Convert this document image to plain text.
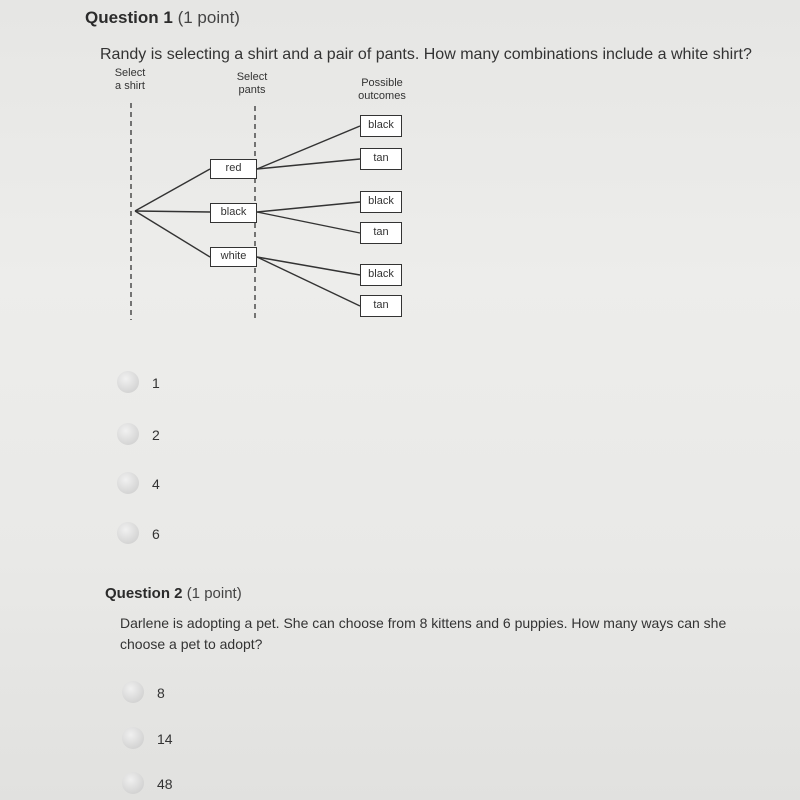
Question 1 (1 point)
Randy is selecting a shirt and a pair of pants. How many combinations include a white shirt?
Select
a shirt
Select
pants
Possible
outcomes
red
black
white
black
tan
black
tan
black
tan
1
2
4
6
Question 2 (1 point)
Darlene is adopting a pet. She can choose from 8 kittens and 6 puppies. How many ways can she choose a pet to adopt?
8
14
48
